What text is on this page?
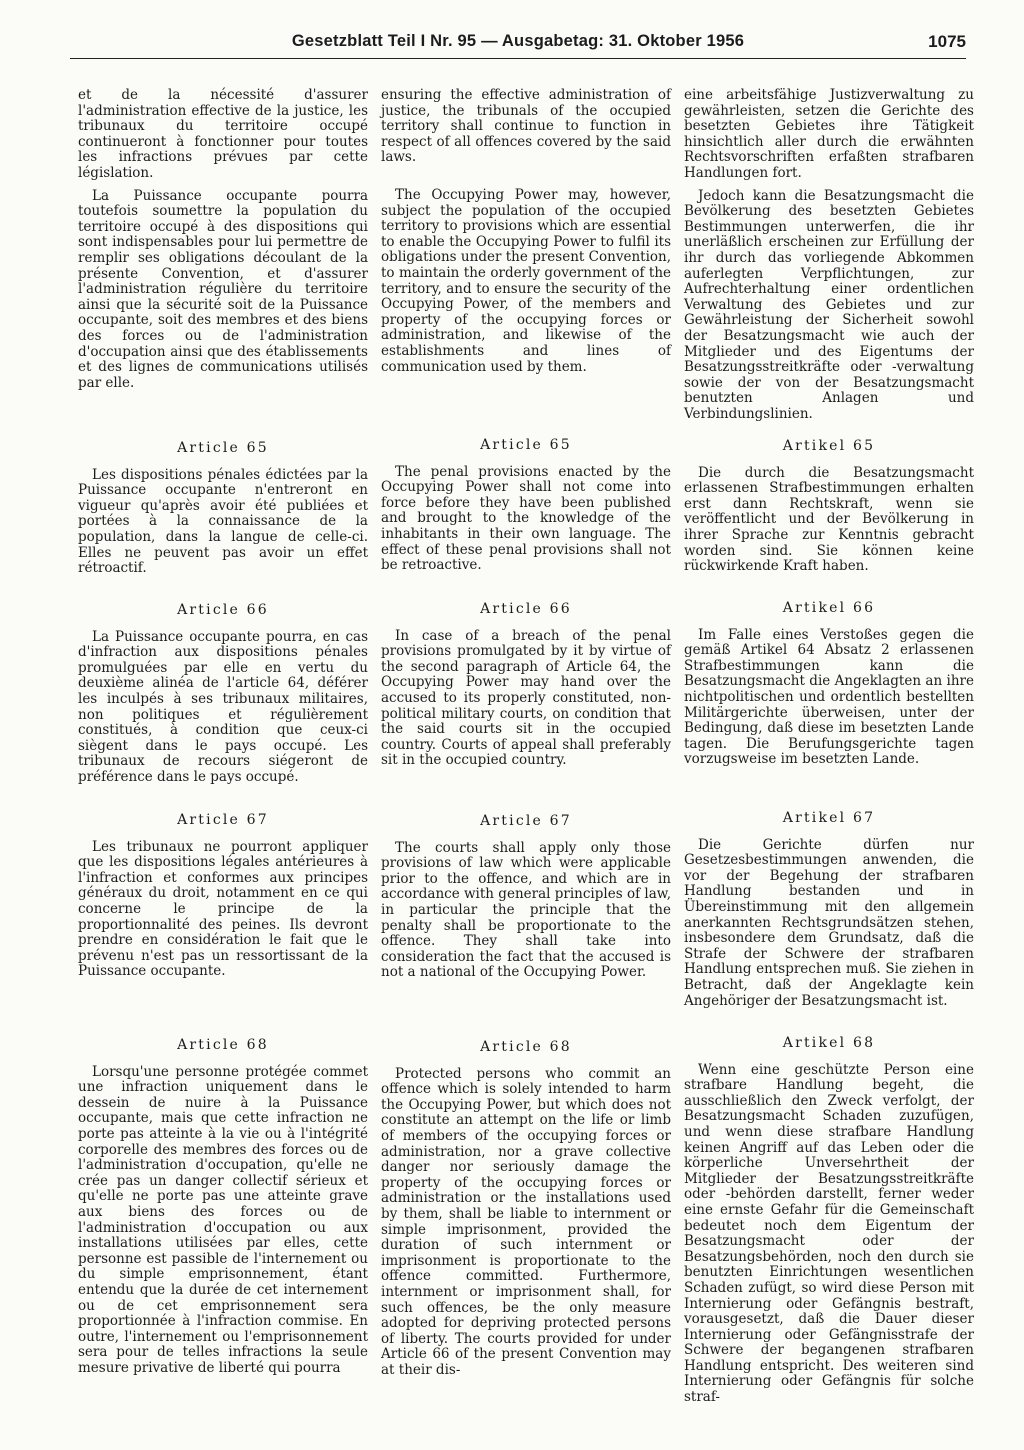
Gesetzblatt Teil I Nr. 95 — Ausgabetag: 31. Oktober 1956	1075

et de la nécessité d'assurer l'administration effective de la justice, les tribunaux du territoire occupé continueront à fonctionner pour toutes les infractions prévues par cette législation.

La Puissance occupante pourra toutefois soumettre la population du territoire occupé à des dispositions qui sont indispensables pour lui permettre de remplir ses obligations découlant de la présente Convention, et d'assurer l'administration régulière du territoire ainsi que la sécurité soit de la Puissance occupante, soit des membres et des biens des forces ou de l'administration d'occupation ainsi que des établissements et des lignes de communications utilisés par elle.

Article 65

Les dispositions pénales édictées par la Puissance occupante n'entreront en vigueur qu'après avoir été publiées et portées à la connaissance de la population, dans la langue de celle-ci. Elles ne peuvent pas avoir un effet rétroactif.

Article 66

La Puissance occupante pourra, en cas d'infraction aux dispositions pénales promulguées par elle en vertu du deuxième alinéa de l'article 64, déférer les inculpés à ses tribunaux militaires, non politiques et régulièrement constitués, à condition que ceux-ci siègent dans le pays occupé. Les tribunaux de recours siégeront de préférence dans le pays occupé.

Article 67

Les tribunaux ne pourront appliquer que les dispositions légales antérieures à l'infraction et conformes aux principes généraux du droit, notamment en ce qui concerne le principe de la proportionnalité des peines. Ils devront prendre en considération le fait que le prévenu n'est pas un ressortissant de la Puissance occupante.

Article 68

Lorsqu'une personne protégée commet une infraction uniquement dans le dessein de nuire à la Puissance occupante, mais que cette infraction ne porte pas atteinte à la vie ou à l'intégrité corporelle des membres des forces ou de l'administration d'occupation, qu'elle ne crée pas un danger collectif sérieux et qu'elle ne porte pas une atteinte grave aux biens des forces ou de l'administration d'occupation ou aux installations utilisées par elles, cette personne est passible de l'internement ou du simple emprisonnement, étant entendu que la durée de cet internement ou de cet emprisonnement sera proportionnée à l'infraction commise. En outre, l'internement ou l'emprisonnement sera pour de telles infractions la seule mesure privative de liberté qui pourra

ensuring the effective administration of justice, the tribunals of the occupied territory shall continue to function in respect of all offences covered by the said laws.

The Occupying Power may, however, subject the population of the occupied territory to provisions which are essential to enable the Occupying Power to fulfil its obligations under the present Convention, to maintain the orderly government of the territory, and to ensure the security of the Occupying Power, of the members and property of the occupying forces or administration, and likewise of the establishments and lines of communication used by them.

Article 65

The penal provisions enacted by the Occupying Power shall not come into force before they have been published and brought to the knowledge of the inhabitants in their own language. The effect of these penal provisions shall not be retroactive.

Article 66

In case of a breach of the penal provisions promulgated by it by virtue of the second paragraph of Article 64, the Occupying Power may hand over the accused to its properly constituted, non-political military courts, on condition that the said courts sit in the occupied country. Courts of appeal shall preferably sit in the occupied country.

Article 67

The courts shall apply only those provisions of law which were applicable prior to the offence, and which are in accordance with general principles of law, in particular the principle that the penalty shall be proportionate to the offence. They shall take into consideration the fact that the accused is not a national of the Occupying Power.

Article 68

Protected persons who commit an offence which is solely intended to harm the Occupying Power, but which does not constitute an attempt on the life or limb of members of the occupying forces or administration, nor a grave collective danger nor seriously damage the property of the occupying forces or administration or the installations used by them, shall be liable to internment or simple imprisonment, provided the duration of such internment or imprisonment is proportionate to the offence committed. Furthermore, internment or imprisonment shall, for such offences, be the only measure adopted for depriving protected persons of liberty. The courts provided for under Article 66 of the present Convention may at their dis-

eine arbeitsfähige Justizverwaltung zu gewährleisten, setzen die Gerichte des besetzten Gebietes ihre Tätigkeit hinsichtlich aller durch die erwähnten Rechtsvorschriften erfaßten strafbaren Handlungen fort.

Jedoch kann die Besatzungsmacht die Bevölkerung des besetzten Gebietes Bestimmungen unterwerfen, die ihr unerläßlich erscheinen zur Erfüllung der ihr durch das vorliegende Abkommen auferlegten Verpflichtungen, zur Aufrechterhaltung einer ordentlichen Verwaltung des Gebietes und zur Gewährleistung der Sicherheit sowohl der Besatzungsmacht wie auch der Mitglieder und des Eigentums der Besatzungsstreitkräfte oder -verwaltung sowie der von der Besatzungsmacht benutzten Anlagen und Verbindungslinien.

Artikel 65

Die durch die Besatzungsmacht erlassenen Strafbestimmungen erhalten erst dann Rechtskraft, wenn sie veröffentlicht und der Bevölkerung in ihrer Sprache zur Kenntnis gebracht worden sind. Sie können keine rückwirkende Kraft haben.

Artikel 66

Im Falle eines Verstoßes gegen die gemäß Artikel 64 Absatz 2 erlassenen Strafbestimmungen kann die Besatzungsmacht die Angeklagten an ihre nichtpolitischen und ordentlich bestellten Militärgerichte überweisen, unter der Bedingung, daß diese im besetzten Lande tagen. Die Berufungsgerichte tagen vorzugsweise im besetzten Lande.

Artikel 67

Die Gerichte dürfen nur Gesetzesbestimmungen anwenden, die vor der Begehung der strafbaren Handlung bestanden und in Übereinstimmung mit den allgemein anerkannten Rechtsgrundsätzen stehen, insbesondere dem Grundsatz, daß die Strafe der Schwere der strafbaren Handlung entsprechen muß. Sie ziehen in Betracht, daß der Angeklagte kein Angehöriger der Besatzungsmacht ist.

Artikel 68

Wenn eine geschützte Person eine strafbare Handlung begeht, die ausschließlich den Zweck verfolgt, der Besatzungsmacht Schaden zuzufügen, und wenn diese strafbare Handlung keinen Angriff auf das Leben oder die körperliche Unversehrtheit der Mitglieder der Besatzungsstreitkräfte oder -behörden darstellt, ferner weder eine ernste Gefahr für die Gemeinschaft bedeutet noch dem Eigentum der Besatzungsmacht oder der Besatzungsbehörden, noch den durch sie benutzten Einrichtungen wesentlichen Schaden zufügt, so wird diese Person mit Internierung oder Gefängnis bestraft, vorausgesetzt, daß die Dauer dieser Internierung oder Gefängnisstrafe der Schwere der begangenen strafbaren Handlung entspricht. Des weiteren sind Internierung oder Gefängnis für solche straf-
